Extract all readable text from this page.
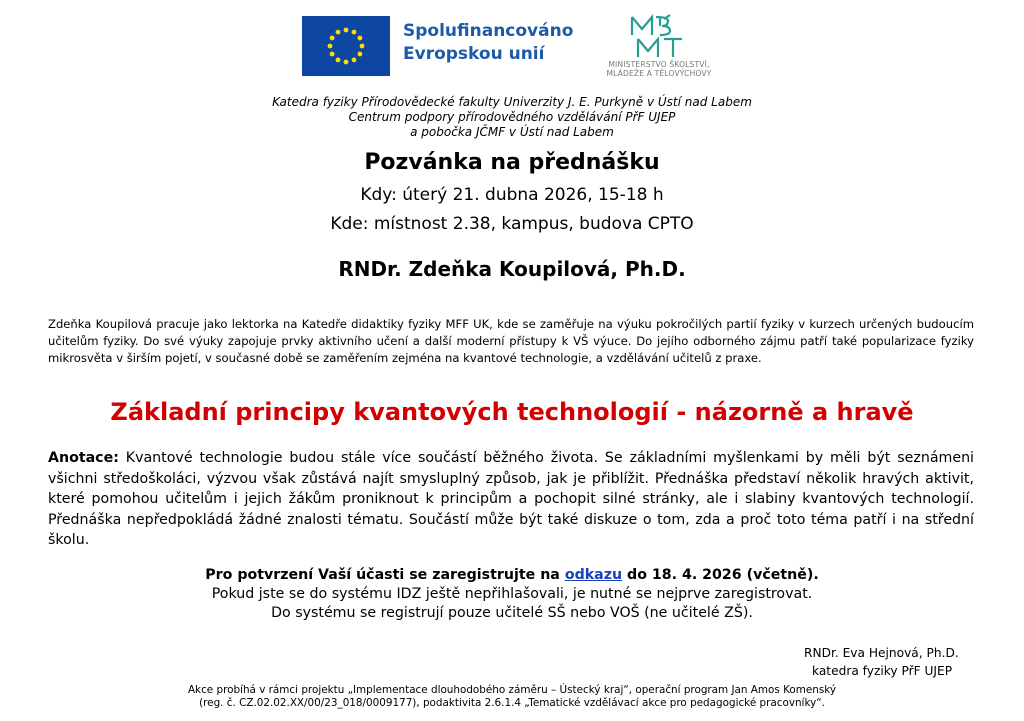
Spolufinancováno
Evropskou unií
MINISTERSTVO ŠKOLSTVÍ,
MLÁDEŽE A TĚLOVÝCHOVY
Katedra fyziky Přírodovědecké fakulty Univerzity J. E. Purkyně v Ústí nad Labem
Centrum podpory přírodovědného vzdělávání PřF UJEP
a pobočka JČMF v Ústí nad Labem
Pozvánka na přednášku
Kdy: úterý 21. dubna 2026, 15-18 h
Kde: místnost 2.38, kampus, budova CPTO
RNDr. Zdeňka Koupilová, Ph.D.
Zdeňka Koupilová pracuje jako lektorka na Katedře didaktiky fyziky MFF UK, kde se zaměřuje na výuku pokročilých partií fyziky v kurzech určených budoucím učitelům fyziky. Do své výuky zapojuje prvky aktivního učení a další moderní přístupy k VŠ výuce. Do jejího odborného zájmu patří také popularizace fyziky mikrosvěta v širším pojetí, v současné době se zaměřením zejména na kvantové technologie, a vzdělávání učitelů z praxe.
Základní principy kvantových technologií - názorně a hravě
Anotace: Kvantové technologie budou stále více součástí běžného života. Se základními myšlenkami by měli být seznámeni všichni středoškoláci, výzvou však zůstává najít smysluplný způsob, jak je přiblížit. Přednáška představí několik hravých aktivit, které pomohou učitelům i jejich žákům proniknout k principům a pochopit silné stránky, ale i slabiny kvantových technologií. Přednáška nepředpokládá žádné znalosti tématu. Součástí může být také diskuze o tom, zda a proč toto téma patří i na střední školu.
Pro potvrzení Vaší účasti se zaregistrujte na odkazu do 18. 4. 2026 (včetně).
Pokud jste se do systému IDZ ještě nepřihlašovali, je nutné se nejprve zaregistrovat.
Do systému se registrují pouze učitelé SŠ nebo VOŠ (ne učitelé ZŠ).
RNDr. Eva Hejnová, Ph.D.
katedra fyziky PřF UJEP
Akce probíhá v rámci projektu „Implementace dlouhodobého záměru – Ústecký kraj“, operační program Jan Amos Komenský
(reg. č. CZ.02.02.XX/00/23_018/0009177), podaktivita 2.6.1.4 „Tematické vzdělávací akce pro pedagogické pracovníky“.
